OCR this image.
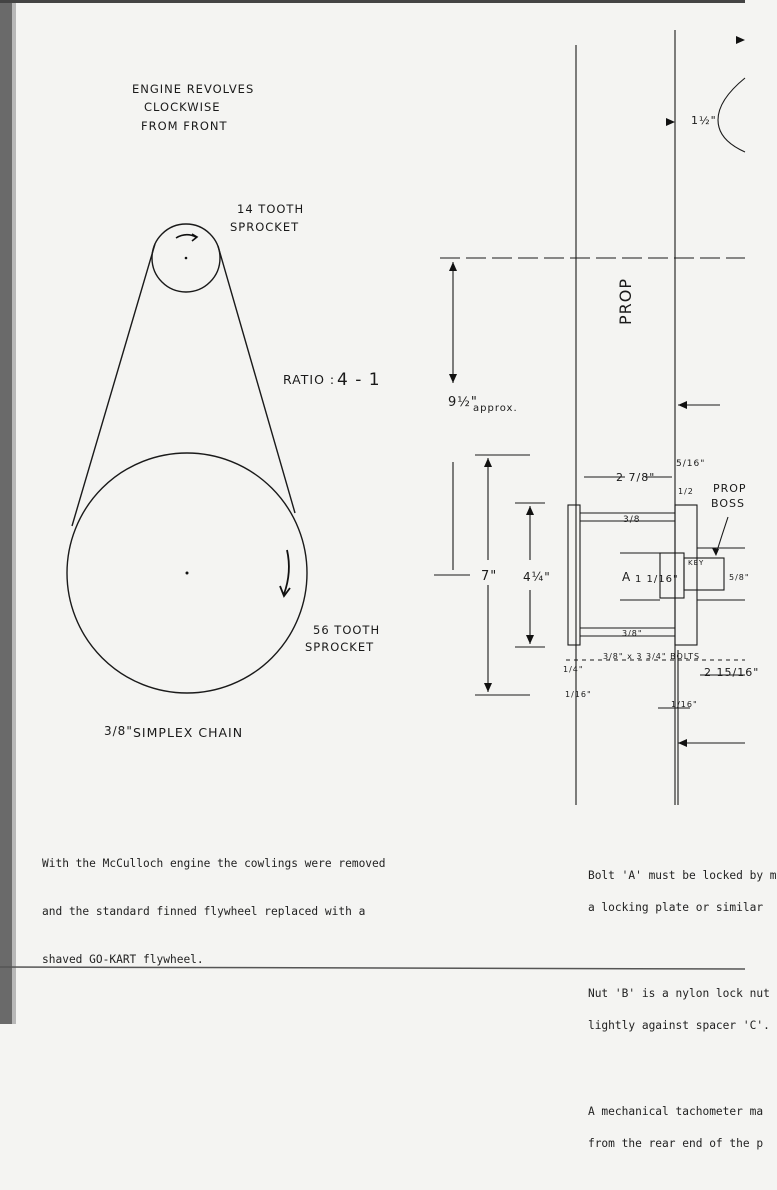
ENGINE REVOLVES
CLOCKWISE
FROM FRONT
14 TOOTH
SPROCKET
RATIO : 4 - 1
56 TOOTH
SPROCKET
3/8" SIMPLEX CHAIN
PROP
1½"
9½"
approx.
7" 4¼"
2 7/8"
5/16"
1/2 PROP
BOSS
3/8
A 1 1/16"
KEY
5/8"
3/8"
3/8" x 3 3/4" BOLTS
1/4"
1/16"
2 15/16"
1/16"

With the McCulloch engine the cowlings were removed

and the standard finned flywheel replaced with a

shaved GO-KART flywheel.

Bolt 'A' must be locked by m

a locking plate or similar

Nut 'B' is a nylon lock nut

lightly against spacer 'C'.

A mechanical tachometer ma

from the rear end of the p
